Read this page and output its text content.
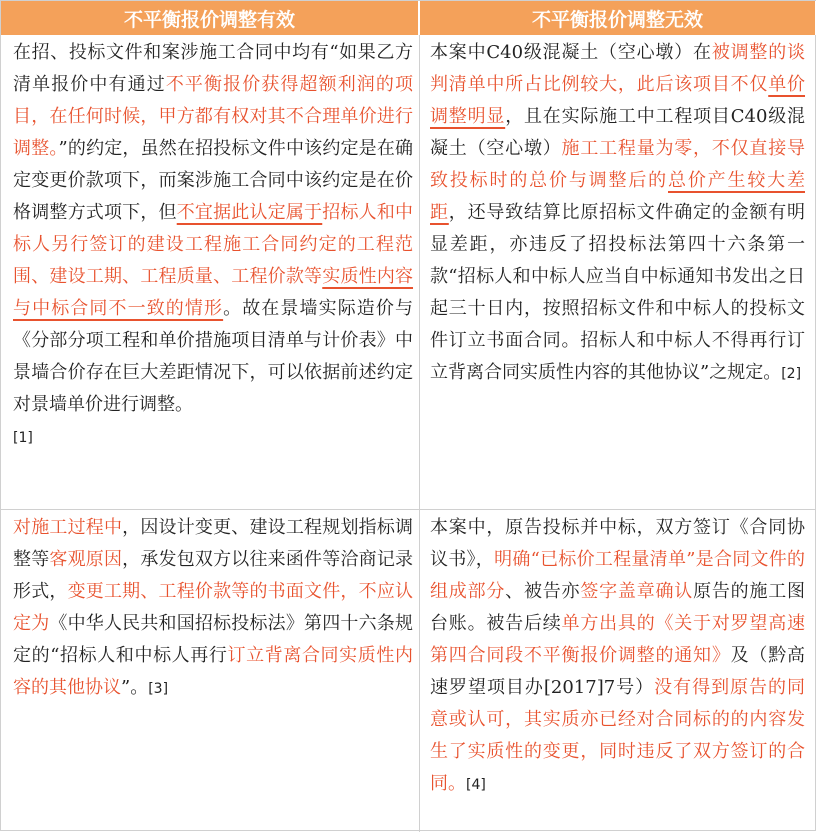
不平衡报价调整有效	不平衡报价调整无效
在招、投标文件和案涉施工合同中均有“如果乙方清单报价中有通过不平衡报价获得超额利润的项目，在任何时候，甲方都有权对其不合理单价进行调整。”的约定，虽然在招投标文件中该约定是在确定变更价款项下，而案涉施工合同中该约定是在价格调整方式项下，但不宜据此认定属于招标人和中标人另行签订的建设工程施工合同约定的工程范围、建设工期、工程质量、工程价款等实质性内容与中标合同不一致的情形。故在景墙实际造价与《分部分项工程和单价措施项目清单与计价表》中景墙合价存在巨大差距情况下，可以依据前述约定对景墙单价进行调整。
[1]
本案中C40级混凝土（空心墩）在被调整的谈判清单中所占比例较大，此后该项目不仅单价调整明显，且在实际施工中工程项目C40级混凝土（空心墩）施工工程量为零，不仅直接导致投标时的总价与调整后的总价产生较大差距，还导致结算比原招标文件确定的金额有明显差距，亦违反了招投标法第四十六条第一款“招标人和中标人应当自中标通知书发出之日起三十日内，按照招标文件和中标人的投标文件订立书面合同。招标人和中标人不得再行订立背离合同实质性内容的其他协议”之规定。[2]
对施工过程中，因设计变更、建设工程规划指标调整等客观原因，承发包双方以往来函件等洽商记录形式，变更工期、工程价款等的书面文件，不应认定为《中华人民共和国招标投标法》第四十六条规定的“招标人和中标人再行订立背离合同实质性内容的其他协议”。[3]
本案中，原告投标并中标，双方签订《合同协议书》，明确“已标价工程量清单”是合同文件的组成部分、被告亦签字盖章确认原告的施工图台账。被告后续单方出具的《关于对罗望高速第四合同段不平衡报价调整的通知》及（黔高速罗望项目办[2017]7号）没有得到原告的同意或认可，其实质亦已经对合同标的的内容发生了实质性的变更，同时违反了双方签订的合同。[4]
